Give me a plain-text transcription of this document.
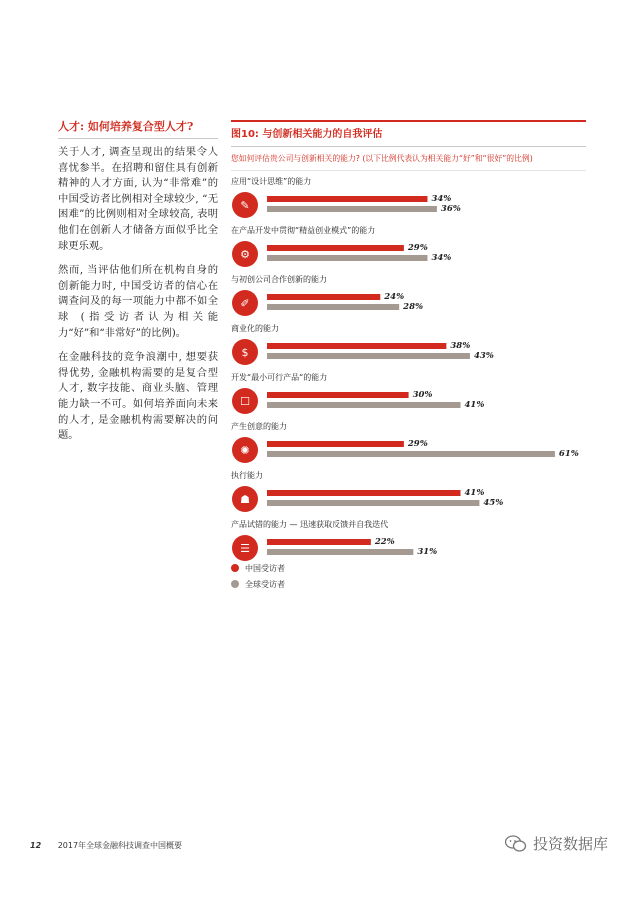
人才: 如何培养复合型人才?

关于人才, 调查呈现出的结果令人喜忧参半。在招聘和留住具有创新精神的人才方面, 认为“非常难”的中国受访者比例相对全球较少, “无困难”的比例则相对全球较高, 表明他们在创新人才储备方面似乎比全球更乐观。

然而, 当评估他们所在机构自身的创新能力时, 中国受访者的信心在调查问及的每一项能力中都不如全球 (指受访者认为相关能力“好”和“非常好”的比例)。

在金融科技的竞争浪潮中, 想要获得优势, 金融机构需要的是复合型人才, 数字技能、商业头脑、管理能力缺一不可。如何培养面向未来的人才, 是金融机构需要解决的问题。

图10: 与创新相关能力的自我评估
您如何评估贵公司与创新相关的能力? (以下比例代表认为相关能力“好”和“很好”的比例)
✎
⚙
✐
$
☐
✺
☗
☰
应用“设计思维”的能力
34%
36%
在产品开发中贯彻“精益创业模式”的能力
29%
34%
与初创公司合作创新的能力
24%
28%
商业化的能力
38%
43%
开发“最小可行产品“的能力
30%
41%
产生创意的能力
29%
61%
执行能力
41%
45%
产品试错的能力 — 迅速获取反馈并自我迭代
22%
31%
中国受访者
全球受访者
12 2017年全球金融科技调查中国概要	投资数据库
